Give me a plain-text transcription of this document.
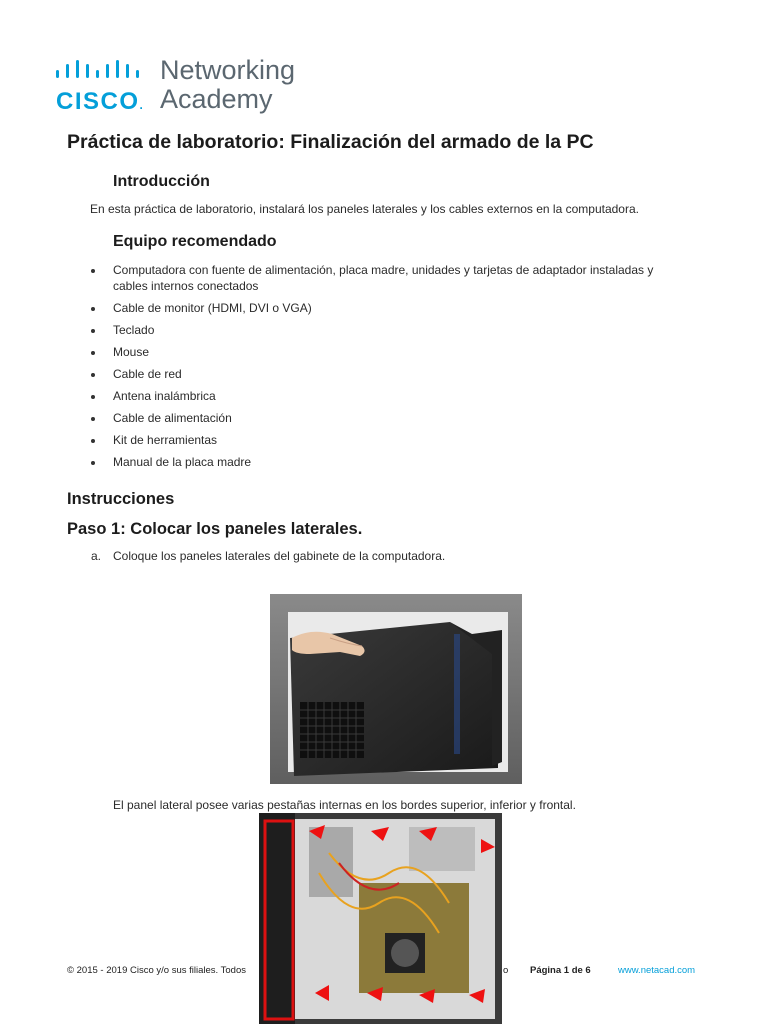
CISCO.
Networking
Academy
Práctica de laboratorio: Finalización del armado de la PC
Introducción
En esta práctica de laboratorio, instalará los paneles laterales y los cables externos en la computadora.
Equipo recomendado
Computadora con fuente de alimentación, placa madre, unidades y tarjetas de adaptador instaladas y cables internos conectados
Cable de monitor (HDMI, DVI o VGA)
Teclado
Mouse
Cable de red
Antena inalámbrica
Cable de alimentación
Kit de herramientas
Manual de la placa madre
Instrucciones
Paso 1: Colocar los paneles laterales.
a. Coloque los paneles laterales del gabinete de la computadora.
El panel lateral posee varias pestañas internas en los bordes superior, inferior y frontal.
© 2015 - 2019 Cisco y/o sus filiales. Todos	o Página 1 de 6	www.netacad.com
